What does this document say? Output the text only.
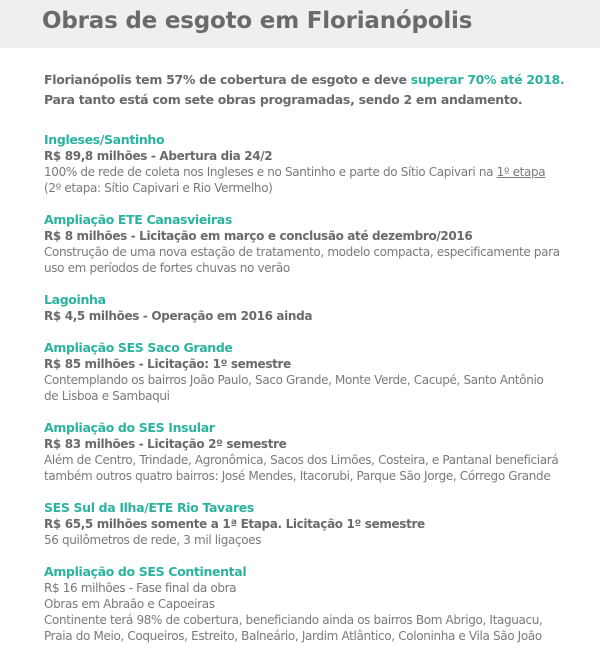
Obras de esgoto em Florianópolis
Florianópolis tem 57% de cobertura de esgoto e deve superar 70% até 2018.
Para tanto está com sete obras programadas, sendo 2 em andamento.
Ingleses/Santinho
R$ 89,8 milhões - Abertura dia 24/2
100% de rede de coleta nos Ingleses e no Santinho e parte do Sítio Capivari na 1º etapa
(2º etapa: Sítio Capivari e Rio Vermelho)
Ampliação ETE Canasvieiras
R$ 8 milhões - Licitação em março e conclusão até dezembro/2016
Construção de uma nova estação de tratamento, modelo compacta, especificamente para
uso em períodos de fortes chuvas no verão
Lagoinha
R$ 4,5 milhões - Operação em 2016 ainda
Ampliação SES Saco Grande
R$ 85 milhões - Licitação: 1º semestre
Contemplando os bairros João Paulo, Saco Grande, Monte Verde, Cacupé, Santo Antônio
de Lisboa e Sambaqui
Ampliação do SES Insular
R$ 83 milhões - Licitação 2º semestre
Além de Centro, Trindade, Agronômica, Sacos dos Limões, Costeira, e Pantanal beneficiará
também outros quatro bairros: José Mendes, Itacorubi, Parque São Jorge, Córrego Grande
SES Sul da Ilha/ETE Rio Tavares
R$ 65,5 milhões somente a 1ª Etapa. Licitação 1º semestre
56 quilômetros de rede, 3 mil ligaçoes
Ampliação do SES Continental
R$ 16 milhões - Fase final da obra
Obras em Abraão e Capoeiras
Continente terá 98% de cobertura, beneficiando ainda os bairros Bom Abrigo, Itaguacu,
Praia do Meio, Coqueiros, Estreito, Balneário, Jardim Atlântico, Coloninha e Vila São João
